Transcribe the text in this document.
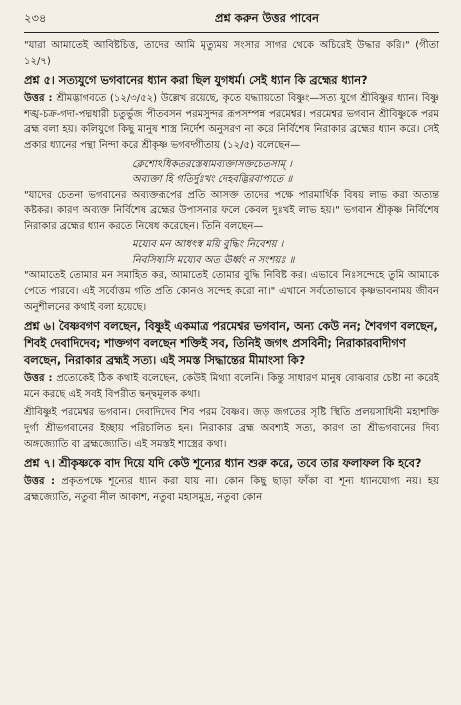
২৩৪	প্রশ্ন করুন উত্তর পাবেন

"যারা আমাতেই আবিষ্টচিত্ত, তাদের আমি মৃত্যুময় সংসার সাগর থেকে অচিরেই উদ্ধার করি।" (গীতা ১২/৭)

প্রশ্ন ৫। সত্যযুগে ভগবানের ধ্যান করা ছিল যুগধর্ম। সেই ধ্যান কি ব্রহ্মের ধ্যান?

উত্তর : শ্রীমদ্ভাগবতে (১২/৩/৫২) উল্লেখ রয়েছে, কৃতে যদ্ধ্যায়তো বিষ্ণুং—সত্য যুগে শ্রীবিষ্ণুর ধ্যান। বিষ্ণু শঙ্খ-চক্র-গদা-পদ্মধারী চতুর্ভুজ পীতবসন পরমসুন্দর রূপসম্পন্ন পরমেশ্বর। পরমেশ্বর ভগবান শ্রীবিষ্ণুকে পরম ব্রহ্ম বলা হয়। কলিযুগে কিছু মানুষ শাস্ত্র নির্দেশ অনুসরণ না করে নির্বিশেষ নিরাকার ব্রহ্মের ধ্যান করে। সেই প্রকার ধ্যানের পন্থা নিন্দা করে শ্রীকৃষ্ণ ভগবদ্গীতায় (১২/৫) বলেছেন—

ক্লেশোঽধিকতরস্তেষামব্যক্তাসক্তচেতসাম্ ।
অব্যক্তা হি গতির্দুঃখং দেহবদ্ভিরবাপ্যতে ॥

"যাদের চেতনা ভগবানের অব্যক্তরূপের প্রতি আসক্ত তাদের পক্ষে পারমার্থিক বিষয় লাভ করা অত্যন্ত কষ্টকর। কারণ অব্যক্ত নির্বিশেষ ব্রহ্মের উপাসনার ফলে কেবল দুঃখই লাভ হয়।" ভগবান শ্রীকৃষ্ণ নির্বিশেষ নিরাকার ব্রহ্মের ধ্যান করতে নিষেধ করেছেন। তিনি বলছেন—

ময্যেব মন আধৎস্ব ময়ি বুদ্ধিং নিবেশয় ।
নিবসিষ্যসি ময্যেব অত ঊর্ধ্বং ন সংশয়ঃ ॥

"আমাতেই তোমার মন সমাহিত কর, আমাতেই তোমার বুদ্ধি নিবিষ্ট কর। এভাবে নিঃসন্দেহে তুমি আমাকে পেতে পারবে। এই সর্বোত্তম গতি প্রতি কোনও সন্দেহ করো না।" এখানে সর্বতোভাবে কৃষ্ণভাবনাময় জীবন অনুশীলনের কথাই বলা হয়েছে।

প্রশ্ন ৬। বৈষ্ণবগণ বলছেন, বিষ্ণুই একমাত্র পরমেশ্বর ভগবান, অন্য কেউ নন; শৈবগণ বলছেন, শিবই দেবাদিদেব; শাক্তগণ বলছেন শক্তিই সব, তিনিই জগৎ প্রসবিনী; নিরাকারবাদীগণ বলছেন, নিরাকার ব্রহ্মই সত্য। এই সমস্ত সিদ্ধান্তের মীমাংসা কি?

উত্তর : প্রত্যেকেই ঠিক কথাই বলেছেন, কেউই মিথ্যা বলেনি। কিন্তু সাধারণ মানুষ বোঝবার চেষ্টা না করেই মনে করছে এই সবই বিপরীত দ্বন্দ্বমূলক কথা।

শ্রীবিষ্ণুই পরমেশ্বর ভগবান। দেবাদিদেব শিব পরম বৈষ্ণব। জড় জগতের সৃষ্টি স্থিতি প্রলয়সাধিনী মহাশক্তি দুর্গা শ্রীভগবানের ইচ্ছায় পরিচালিত হন। নিরাকার ব্রহ্ম অবশ্যই সত্য, কারণ তা শ্রীভগবানের দিব্য অঙ্গজ্যোতি বা ব্রহ্মজ্যোতি। এই সমস্তই শাস্ত্রের কথা।

প্রশ্ন ৭। শ্রীকৃষ্ণকে বাদ দিয়ে যদি কেউ শূন্যের ধ্যান শুরু করে, তবে তার ফলাফল কি হবে?

উত্তর : প্রকৃতপক্ষে শূন্যের ধ্যান করা যায় না। কোন কিছু ছাড়া ফাঁকা বা শূন্য ধ্যানযোগ্য নয়। হয় ব্রহ্মজ্যোতি, নতুবা নীল আকাশ, নতুবা মহাসমুদ্র, নতুবা কোন
